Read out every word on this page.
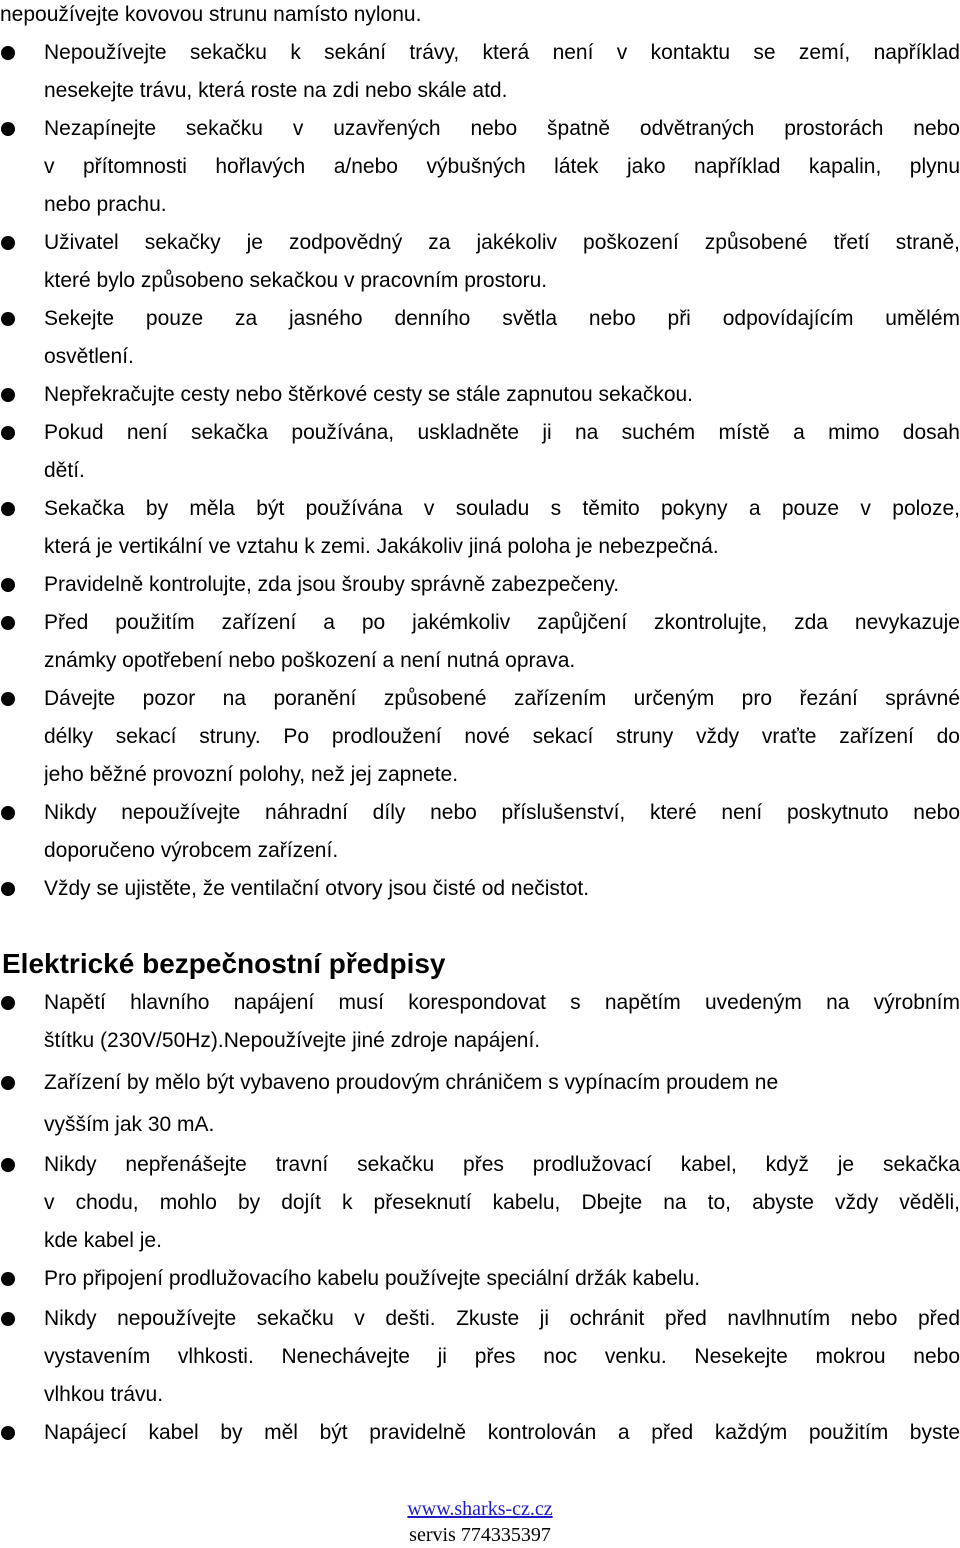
nepoužívejte kovovou strunu namísto nylonu.
Nepoužívejte sekačku k sekání trávy, která není v kontaktu se zemí, například
nesekejte trávu, která roste na zdi nebo skále atd.
Nezapínejte sekačku v uzavřených nebo špatně odvětraných prostorách nebo
v přítomnosti hořlavých a/nebo výbušných látek jako například kapalin, plynu
nebo prachu.
Uživatel sekačky je zodpovědný za jakékoliv poškození způsobené třetí straně,
které bylo způsobeno sekačkou v pracovním prostoru.
Sekejte pouze za jasného denního světla nebo při odpovídajícím umělém
osvětlení.
Nepřekračujte cesty nebo štěrkové cesty se stále zapnutou sekačkou.
Pokud není sekačka používána, uskladněte ji na suchém místě a mimo dosah
dětí.
Sekačka by měla být používána v souladu s těmito pokyny a pouze v poloze,
která je vertikální ve vztahu k zemi. Jakákoliv jiná poloha je nebezpečná.
Pravidelně kontrolujte, zda jsou šrouby správně zabezpečeny.
Před použitím zařízení a po jakémkoliv zapůjčení zkontrolujte, zda nevykazuje
známky opotřebení nebo poškození a není nutná oprava.
Dávejte pozor na poranění způsobené zařízením určeným pro řezání správné
délky sekací struny. Po prodloužení nové sekací struny vždy vraťte zařízení do
jeho běžné provozní polohy, než jej zapnete.
Nikdy nepoužívejte náhradní díly nebo příslušenství, které není poskytnuto nebo
doporučeno výrobcem zařízení.
Vždy se ujistěte, že ventilační otvory jsou čisté od nečistot.
Elektrické bezpečnostní předpisy
Napětí hlavního napájení musí korespondovat s napětím uvedeným na výrobním
štítku (230V/50Hz).Nepoužívejte jiné zdroje napájení.
Zařízení by mělo být vybaveno proudovým chráničem s vypínacím proudem ne
vyšším jak 30 mA.
Nikdy nepřenášejte travní sekačku přes prodlužovací kabel, když je sekačka
v chodu, mohlo by dojít k přeseknutí kabelu, Dbejte na to, abyste vždy věděli,
kde kabel je.
Pro připojení prodlužovacího kabelu používejte speciální držák kabelu.
Nikdy nepoužívejte sekačku v dešti. Zkuste ji ochránit před navlhnutím nebo před
vystavením vlhkosti. Nenechávejte ji přes noc venku. Nesekejte mokrou nebo
vlhkou trávu.
Napájecí kabel by měl být pravidelně kontrolován a před každým použitím byste
www.sharks-cz.cz
servis 774335397
